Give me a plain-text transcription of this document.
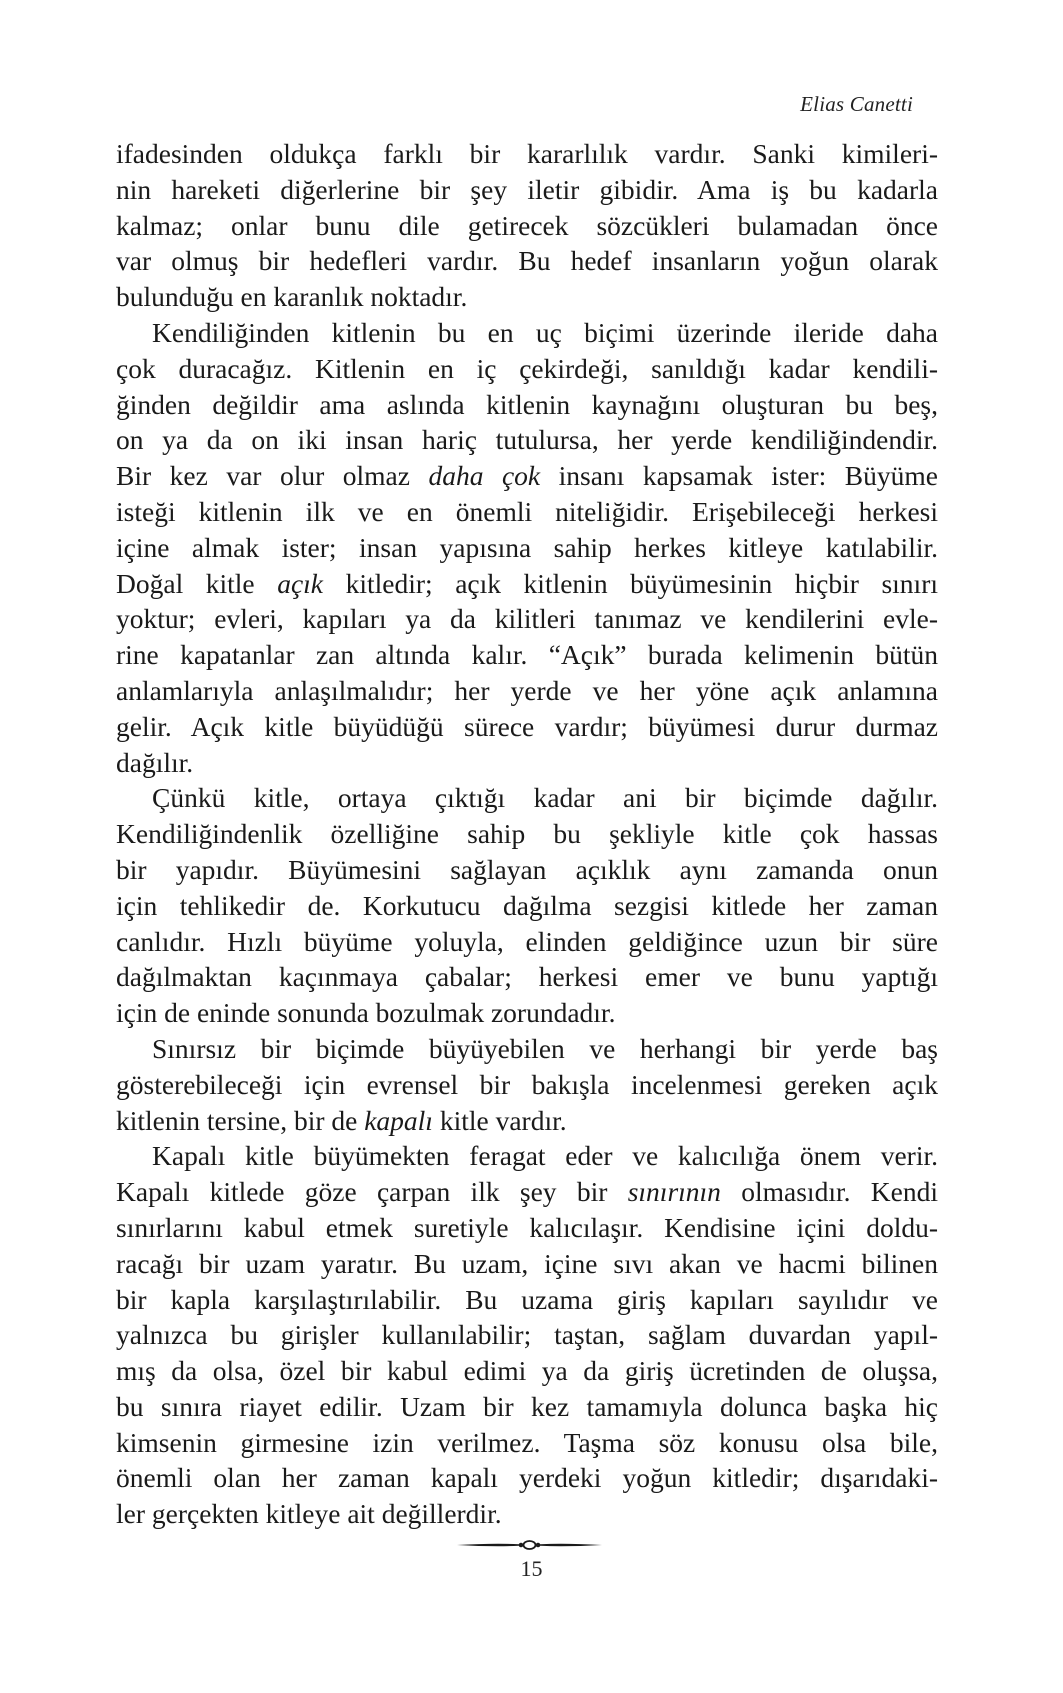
Elias Canetti
ifadesinden oldukça farklı bir kararlılık vardır. Sanki kimileri-
nin hareketi diğerlerine bir şey iletir gibidir. Ama iş bu kadarla
kalmaz; onlar bunu dile getirecek sözcükleri bulamadan önce
var olmuş bir hedefleri vardır. Bu hedef insanların yoğun olarak
bulunduğu en karanlık noktadır.
Kendiliğinden kitlenin bu en uç biçimi üzerinde ileride daha
çok duracağız. Kitlenin en iç çekirdeği, sanıldığı kadar kendili-
ğinden değildir ama aslında kitlenin kaynağını oluşturan bu beş,
on ya da on iki insan hariç tutulursa, her yerde kendiliğindendir.
Bir kez var olur olmaz daha çok insanı kapsamak ister: Büyüme
isteği kitlenin ilk ve en önemli niteliğidir. Erişebileceği herkesi
içine almak ister; insan yapısına sahip herkes kitleye katılabilir.
Doğal kitle açık kitledir; açık kitlenin büyümesinin hiçbir sınırı
yoktur; evleri, kapıları ya da kilitleri tanımaz ve kendilerini evle-
rine kapatanlar zan altında kalır. “Açık” burada kelimenin bütün
anlamlarıyla anlaşılmalıdır; her yerde ve her yöne açık anlamına
gelir. Açık kitle büyüdüğü sürece vardır; büyümesi durur durmaz
dağılır.
Çünkü kitle, ortaya çıktığı kadar ani bir biçimde dağılır.
Kendiliğindenlik özelliğine sahip bu şekliyle kitle çok hassas
bir yapıdır. Büyümesini sağlayan açıklık aynı zamanda onun
için tehlikedir de. Korkutucu dağılma sezgisi kitlede her zaman
canlıdır. Hızlı büyüme yoluyla, elinden geldiğince uzun bir süre
dağılmaktan kaçınmaya çabalar; herkesi emer ve bunu yaptığı
için de eninde sonunda bozulmak zorundadır.
Sınırsız bir biçimde büyüyebilen ve herhangi bir yerde baş
gösterebileceği için evrensel bir bakışla incelenmesi gereken açık
kitlenin tersine, bir de kapalı kitle vardır.
Kapalı kitle büyümekten feragat eder ve kalıcılığa önem verir.
Kapalı kitlede göze çarpan ilk şey bir sınırının olmasıdır. Kendi
sınırlarını kabul etmek suretiyle kalıcılaşır. Kendisine içini doldu-
racağı bir uzam yaratır. Bu uzam, içine sıvı akan ve hacmi bilinen
bir kapla karşılaştırılabilir. Bu uzama giriş kapıları sayılıdır ve
yalnızca bu girişler kullanılabilir; taştan, sağlam duvardan yapıl-
mış da olsa, özel bir kabul edimi ya da giriş ücretinden de oluşsa,
bu sınıra riayet edilir. Uzam bir kez tamamıyla dolunca başka hiç
kimsenin girmesine izin verilmez. Taşma söz konusu olsa bile,
önemli olan her zaman kapalı yerdeki yoğun kitledir; dışarıdaki-
ler gerçekten kitleye ait değillerdir.
15
